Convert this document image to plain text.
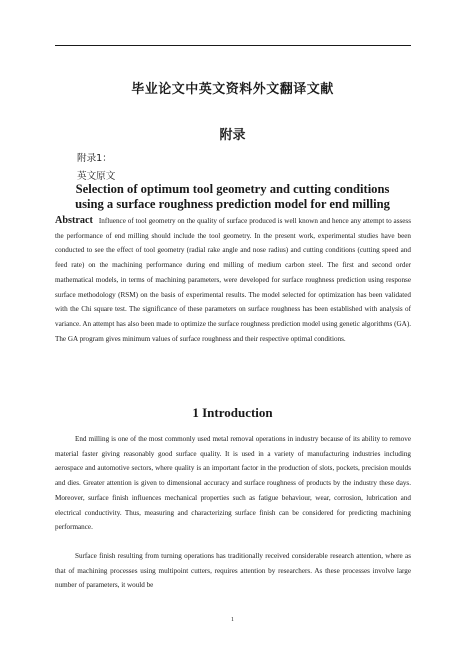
毕业论文中英文资料外文翻译文献
附录
附录1：
英文原文
Selection of optimum tool geometry and cutting conditions
using a surface roughness prediction model for end milling
Abstract Influence of tool geometry on the quality of surface produced is well known and hence any attempt to assess the performance of end milling should include the tool geometry. In the present work, experimental studies have been conducted to see the effect of tool geometry (radial rake angle and nose radius) and cutting conditions (cutting speed and feed rate) on the machining performance during end milling of medium carbon steel. The first and second order mathematical models, in terms of machining parameters, were developed for surface roughness prediction using response surface methodology (RSM) on the basis of experimental results. The model selected for optimization has been validated with the Chi square test. The significance of these parameters on surface roughness has been established with analysis of variance. An attempt has also been made to optimize the surface roughness prediction model using genetic algorithms (GA). The GA program gives minimum values of surface roughness and their respective optimal conditions.
1 Introduction
End milling is one of the most commonly used metal removal operations in industry because of its ability to remove material faster giving reasonably good surface quality. It is used in a variety of manufacturing industries including aerospace and automotive sectors, where quality is an important factor in the production of slots, pockets, precision moulds and dies. Greater attention is given to dimensional accuracy and surface roughness of products by the industry these days. Moreover, surface finish influences mechanical properties such as fatigue behaviour, wear, corrosion, lubrication and electrical conductivity. Thus, measuring and characterizing surface finish can be considered for predicting machining performance.
Surface finish resulting from turning operations has traditionally received considerable research attention, where as that of machining processes using multipoint cutters, requires attention by researchers. As these processes involve large number of parameters, it would be
1
